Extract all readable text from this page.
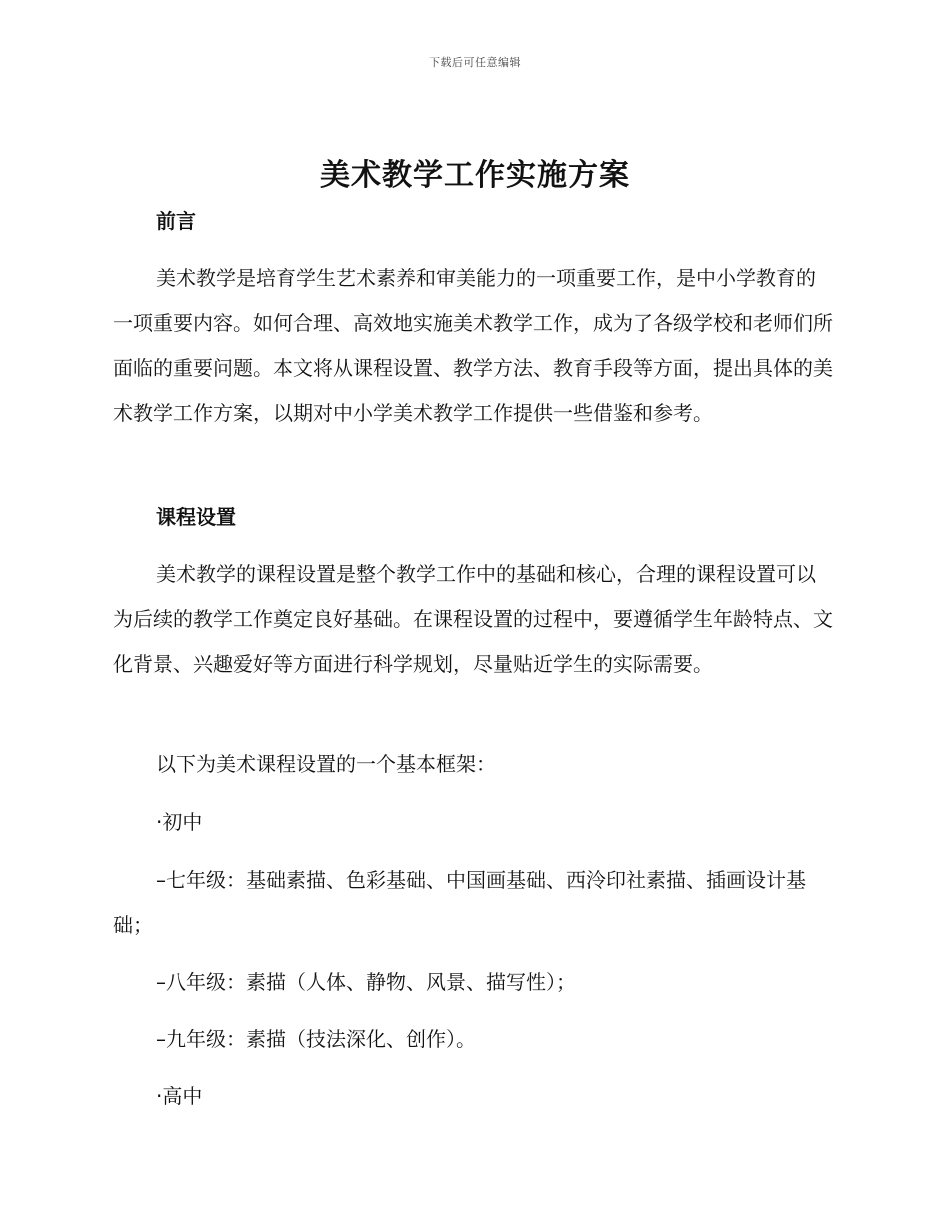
下载后可任意编辑
美术教学工作实施方案

前言

美术教学是培育学生艺术素养和审美能力的一项重要工作，是中小学教育的一项重要内容。如何合理、高效地实施美术教学工作，成为了各级学校和老师们所面临的重要问题。本文将从课程设置、教学方法、教育手段等方面，提出具体的美术教学工作方案，以期对中小学美术教学工作提供一些借鉴和参考。

课程设置

美术教学的课程设置是整个教学工作中的基础和核心，合理的课程设置可以为后续的教学工作奠定良好基础。在课程设置的过程中，要遵循学生年龄特点、文化背景、兴趣爱好等方面进行科学规划，尽量贴近学生的实际需要。

以下为美术课程设置的一个基本框架：

·初中

–七年级：基础素描、色彩基础、中国画基础、西泠印社素描、插画设计基础；

–八年级：素描（人体、静物、风景、描写性）；

–九年级：素描（技法深化、创作）。

·高中
